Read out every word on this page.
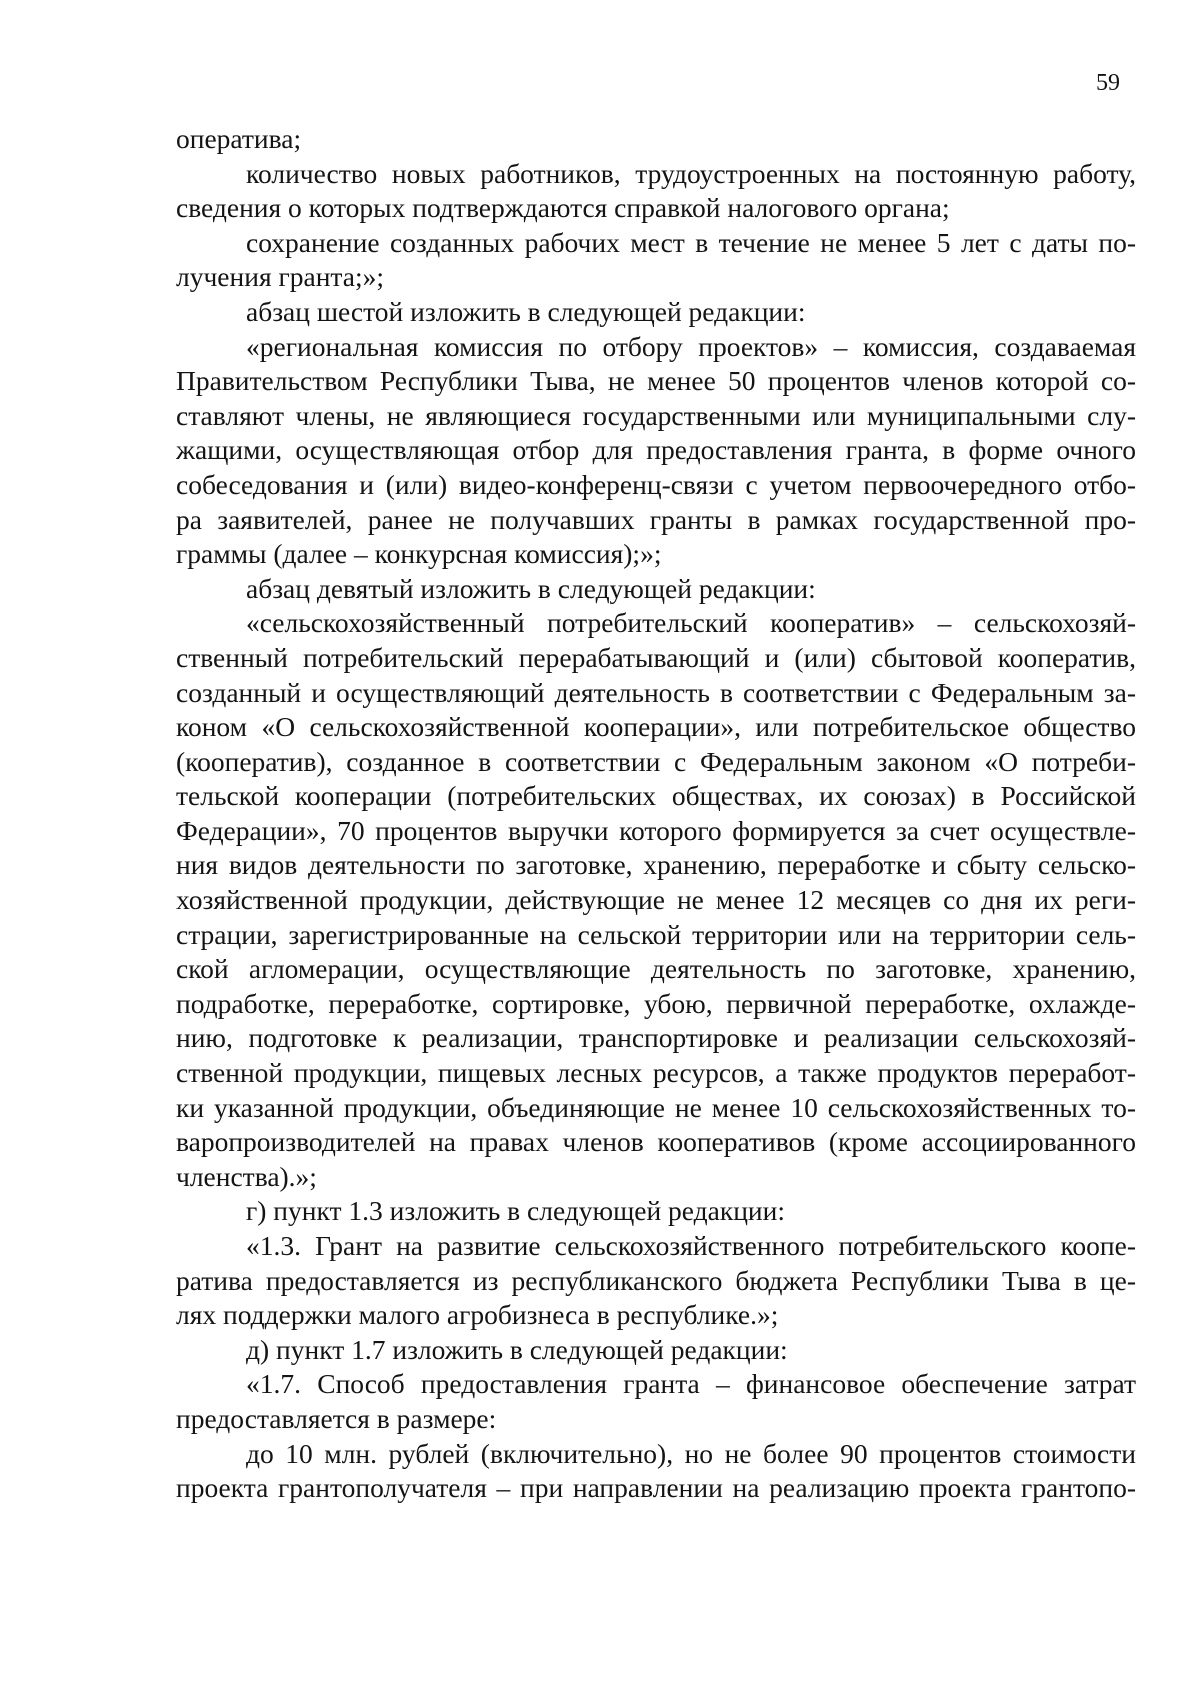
59
оператива;
количество новых работников, трудоустроенных на постоянную работу,
сведения о которых подтверждаются справкой налогового органа;
сохранение созданных рабочих мест в течение не менее 5 лет с даты по-
лучения гранта;»;
абзац шестой изложить в следующей редакции:
«региональная комиссия по отбору проектов» – комиссия, создаваемая
Правительством Республики Тыва, не менее 50 процентов членов которой со-
ставляют члены, не являющиеся государственными или муниципальными слу-
жащими, осуществляющая отбор для предоставления гранта, в форме очного
собеседования и (или) видео-конференц-связи с учетом первоочередного отбо-
ра заявителей, ранее не получавших гранты в рамках государственной про-
граммы (далее – конкурсная комиссия);»;
абзац девятый изложить в следующей редакции:
«сельскохозяйственный потребительский кооператив» – сельскохозяй-
ственный потребительский перерабатывающий и (или) сбытовой кооператив,
созданный и осуществляющий деятельность в соответствии с Федеральным за-
коном «О сельскохозяйственной кооперации», или потребительское общество
(кооператив), созданное в соответствии с Федеральным законом «О потреби-
тельской кооперации (потребительских обществах, их союзах) в Российской
Федерации», 70 процентов выручки которого формируется за счет осуществле-
ния видов деятельности по заготовке, хранению, переработке и сбыту сельско-
хозяйственной продукции, действующие не менее 12 месяцев со дня их реги-
страции, зарегистрированные на сельской территории или на территории сель-
ской агломерации, осуществляющие деятельность по заготовке, хранению,
подработке, переработке, сортировке, убою, первичной переработке, охлажде-
нию, подготовке к реализации, транспортировке и реализации сельскохозяй-
ственной продукции, пищевых лесных ресурсов, а также продуктов переработ-
ки указанной продукции, объединяющие не менее 10 сельскохозяйственных то-
варопроизводителей на правах членов кооперативов (кроме ассоциированного
членства).»;
г) пункт 1.3 изложить в следующей редакции:
«1.3. Грант на развитие сельскохозяйственного потребительского коопе-
ратива предоставляется из республиканского бюджета Республики Тыва в це-
лях поддержки малого агробизнеса в республике.»;
д) пункт 1.7 изложить в следующей редакции:
«1.7. Способ предоставления гранта – финансовое обеспечение затрат
предоставляется в размере:
до 10 млн. рублей (включительно), но не более 90 процентов стоимости
проекта грантополучателя – при направлении на реализацию проекта грантопо-
